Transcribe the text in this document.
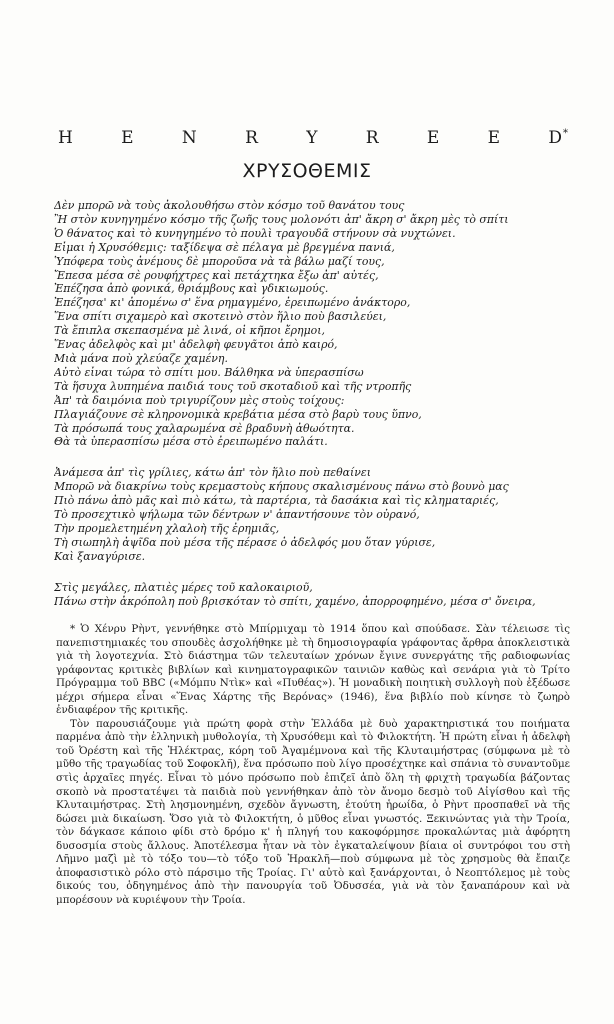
H	E	N	R	Y	R	E	E	D*
ΧΡΥΣΟΘΕΜΙΣ
Δὲν μπορῶ νὰ τοὺς ἀκολουθήσω στὸν κόσμο τοῦ θανάτου τους
Ἢ στὸν κυνηγημένο κόσμο τῆς ζωῆς τους μολονότι ἀπ' ἄκρη σ' ἄκρη μὲς τὸ σπίτι
Ὁ θάνατος καὶ τὸ κυνηγημένο τὸ πουλὶ τραγουδᾶ στήνουν σὰ νυχτώνει.
Εἶμαι ἡ Χρυσόθεμις: ταξίδεψα σὲ πέλαγα μὲ βρεγμένα πανιά,
Ὑπόφερα τοὺς ἀνέμους δὲ μποροῦσα νὰ τὰ βάλω μαζί τους,
Ἔπεσα μέσα σὲ ρουφήχτρες καὶ πετάχτηκα ἔξω ἀπ' αὐτές,
Ἐπέζησα ἀπὸ φονικά, θριάμβους καὶ γδικιωμούς.
Ἐπέζησα' κι' ἀπομένω σ' ἕνα ρημαγμένο, ἐρειπωμένο ἀνάκτορο,
Ἕνα σπίτι σιχαμερὸ καὶ σκοτεινὸ στὸν ἥλιο ποὺ βασιλεύει,
Τὰ ἔπιπλα σκεπασμένα μὲ λινά, οἱ κῆποι ἔρημοι,
Ἕνας ἀδελφὸς καὶ μι' ἀδελφὴ φευγᾶτοι ἀπὸ καιρό,
Μιὰ μάνα ποὺ χλεύαζε χαμένη.
Αὐτὸ εἶναι τώρα τὸ σπίτι μου. Βάλθηκα νὰ ὑπερασπίσω
Τὰ ἥσυχα λυπημένα παιδιά τους τοῦ σκοταδιοῦ καὶ τῆς ντροπῆς
Ἀπ' τὰ δαιμόνια ποὺ τριγυρίζουν μὲς στοὺς τοίχους:
Πλαγιάζουνε σὲ κληρονομικὰ κρεβάτια μέσα στὸ βαρὺ τους ὕπνο,
Τὰ πρόσωπά τους χαλαρωμένα σὲ βραδυνὴ ἀθωότητα.
Θὰ τὰ ὑπερασπίσω μέσα στὸ ἐρειπωμένο παλάτι.
Ἀνάμεσα ἀπ' τὶς γρίλιες, κάτω ἀπ' τὸν ἥλιο ποὺ πεθαίνει
Μπορῶ νὰ διακρίνω τοὺς κρεμαστοὺς κήπους σκαλισμένους πάνω στὸ βουνὸ μας
Πιὸ πάνω ἀπὸ μᾶς καὶ πιὸ κάτω, τὰ παρτέρια, τὰ δασάκια καὶ τὶς κληματαριές,
Τὸ προσεχτικὸ ψήλωμα τῶν δέντρων ν' ἀπαντήσουνε τὸν οὐρανό,
Τὴν προμελετημένη χλαλοὴ τῆς ἐρημιᾶς,
Τὴ σιωπηλὴ ἀψῖδα ποὺ μέσα τῆς πέρασε ὁ ἀδελφός μου ὅταν γύρισε,
Καὶ ξαναγύρισε.
Στὶς μεγάλες, πλατιὲς μέρες τοῦ καλοκαιριοῦ,
Πάνω στὴν ἀκρόπολη ποὺ βρισκόταν τὸ σπίτι, χαμένο, ἀπορροφημένο, μέσα σ' ὄνειρα,

* Ὁ Χένρυ Ρὴντ, γεννήθηκε στὸ Μπίρμιχαμ τὸ 1914 ὅπου καὶ σπούδασε. Σὰν τέλειωσε τὶς πανεπιστημιακές του σπουδὲς ἀσχολήθηκε μὲ τὴ δημοσιογραφία γράφοντας ἄρθρα ἀποκλειστικὰ γιὰ τὴ λογοτεχνία. Στὸ διάστημα τῶν τελευταίων χρόνων ἔγινε συνεργάτης τῆς ραδιοφωνίας γράφοντας κριτικὲς βιβλίων καὶ κινηματογραφικῶν ταινιῶν καθὼς καὶ σενάρια γιὰ τὸ Τρίτο Πρόγραμμα τοῦ BBC («Μόμπυ Ντὶκ» καὶ «Πυθέας»). Ἡ μοναδικὴ ποιητικὴ συλλογὴ ποὺ ἐξέδωσε μέχρι σήμερα εἶναι «Ἕνας Χάρτης τῆς Βερόνας» (1946), ἕνα βιβλίο ποὺ κίνησε τὸ ζωηρὸ ἐνδιαφέρον τῆς κριτικῆς.

Τὸν παρουσιάζουμε γιὰ πρώτη φορὰ στὴν Ἑλλάδα μὲ δυὸ χαρακτηριστικά του ποιήματα παρμένα ἀπὸ τὴν ἑλληνικὴ μυθολογία, τὴ Χρυσόθεμι καὶ τὸ Φιλοκτήτη. Ἡ πρώτη εἶναι ἡ ἀδελφὴ τοῦ Ὀρέστη καὶ τῆς Ἠλέκτρας, κόρη τοῦ Ἀγαμέμνονα καὶ τῆς Κλυταιμήστρας (σύμφωνα μὲ τὸ μῦθο τῆς τραγωδίας τοῦ Σοφοκλῆ), ἕνα πρόσωπο ποὺ λίγο προσέχτηκε καὶ σπάνια τὸ συναντοῦμε στὶς ἀρχαῖες πηγές. Εἶναι τὸ μόνο πρόσωπο ποὺ ἐπιζεῖ ἀπὸ ὅλη τὴ φριχτὴ τραγωδία βάζοντας σκοπὸ νὰ προστατέψει τὰ παιδιὰ ποὺ γεννήθηκαν ἀπὸ τὸν ἄνομο δεσμὸ τοῦ Αἰγίσθου καὶ τῆς Κλυταιμήστρας. Στὴ λησμονημένη, σχεδὸν ἄγνωστη, ἐτούτη ἡρωίδα, ὁ Ρὴντ προσπαθεῖ νὰ τῆς δώσει μιὰ δικαίωση. Ὅσο γιὰ τὸ Φιλοκτήτη, ὁ μῦθος εἶναι γνωστός. Ξεκινώντας γιὰ τὴν Τροία, τὸν δάγκασε κάποιο φίδι στὸ δρόμο κ' ἡ πληγή του κακοφόρμησε προκαλώντας μιὰ ἀφόρητη δυσοσμία στοὺς ἄλλους. Ἀποτέλεσμα ἦταν νὰ τὸν ἐγκαταλείψουν βίαια οἱ συντρόφοι του στὴ Λῆμνο μαζὶ μὲ τὸ τόξο του—τὸ τόξο τοῦ Ἡρακλῆ—ποὺ σύμφωνα μὲ τὸς χρησμοὺς θὰ ἔπαιζε ἀποφασιστικὸ ρόλο στὸ πάρσιμο τῆς Τροίας. Γι' αὐτὸ καὶ ξανάρχονται, ὁ Νεοπτόλεμος μὲ τοὺς δικούς του, ὁδηγημένος ἀπὸ τὴν πανουργία τοῦ Ὀδυσσέα, γιὰ νὰ τὸν ξαναπάρουν καὶ νὰ μπορέσουν νὰ κυριέψουν τὴν Τροία.
